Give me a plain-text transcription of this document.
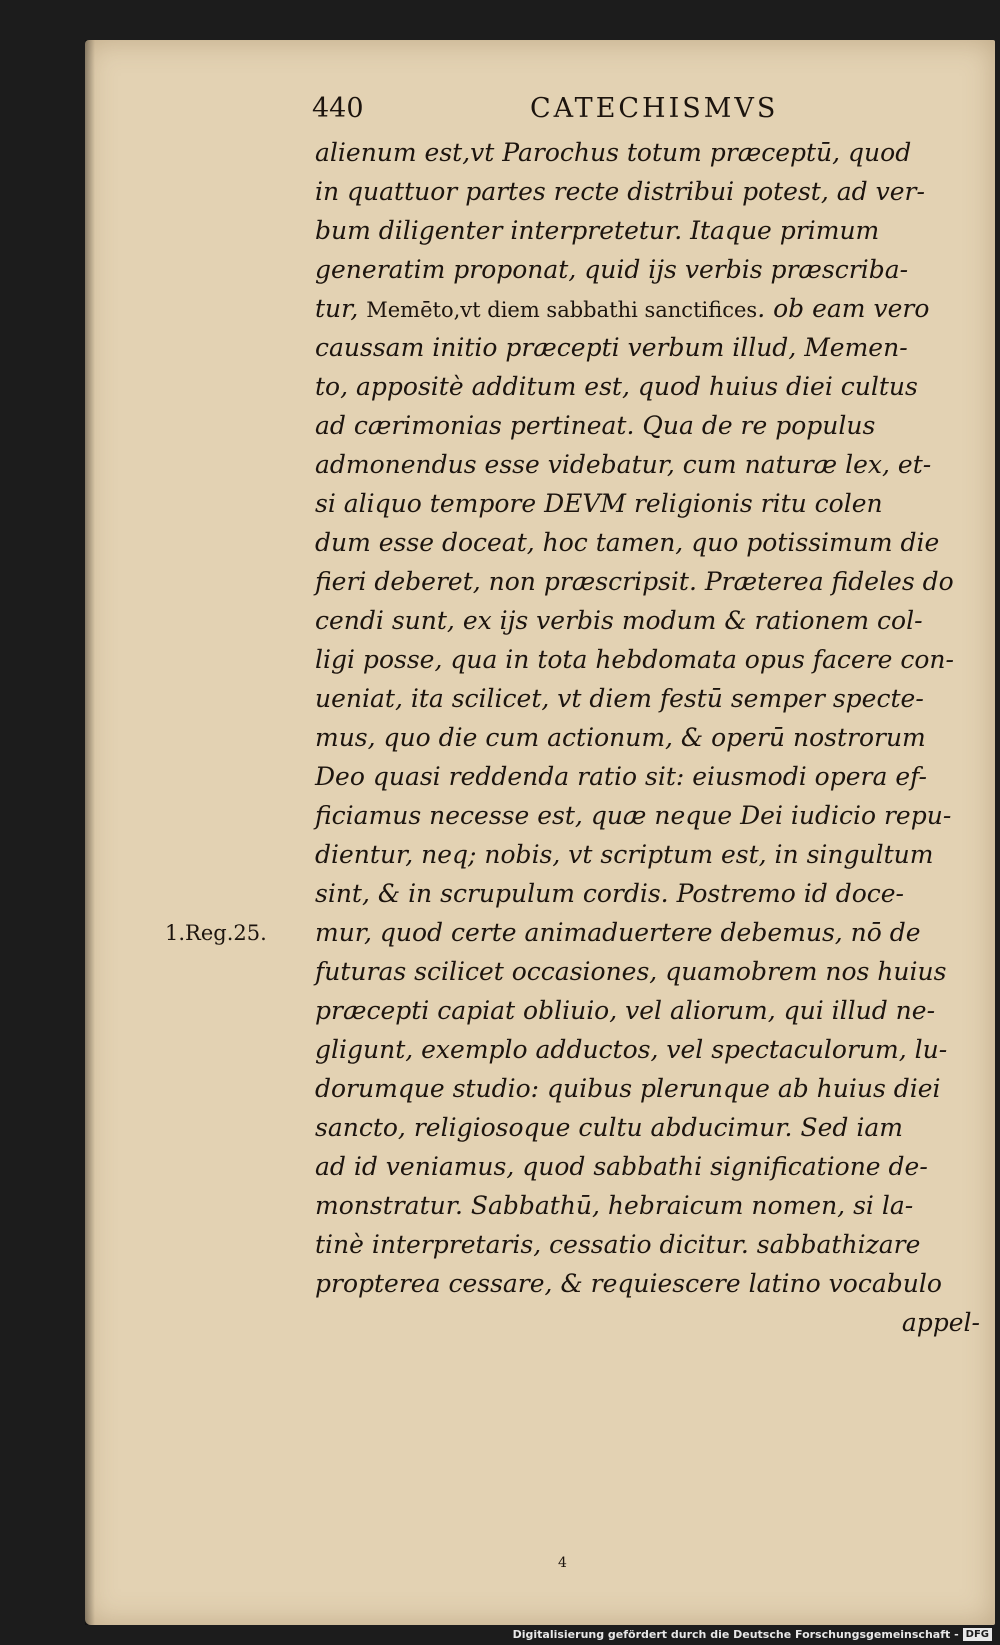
440	CATECHISMVS
alienum est,vt Parochus totum præceptū, quod
in quattuor partes recte distribui potest, ad ver-
bum diligenter interpretetur. Itaque primum
generatim proponat, quid ijs verbis præscriba-
tur, Memēto,vt diem sabbathi sanctifices. ob eam vero
caussam initio præcepti verbum illud, Memen-
to, appositè additum est, quod huius diei cultus
ad cærimonias pertineat. Qua de re populus
admonendus esse videbatur, cum naturæ lex, et-
si aliquo tempore DEVM religionis ritu colen
dum esse doceat, hoc tamen, quo potissimum die
fieri deberet, non præscripsit. Præterea fideles do
cendi sunt, ex ijs verbis modum & rationem col-
ligi posse, qua in tota hebdomata opus facere con-
ueniat, ita scilicet, vt diem festū semper specte-
mus, quo die cum actionum, & operū nostrorum
Deo quasi reddenda ratio sit: eiusmodi opera ef-
ficiamus necesse est, quæ neque Dei iudicio repu-
dientur, neq; nobis, vt scriptum est, in singultum
sint, & in scrupulum cordis. Postremo id doce-
mur, quod certe animaduertere debemus, nō de
futuras scilicet occasiones, quamobrem nos huius
præcepti capiat obliuio, vel aliorum, qui illud ne-
gligunt, exemplo adductos, vel spectaculorum, lu-
dorumque studio: quibus plerunque ab huius diei
sancto, religiosoque cultu abducimur. Sed iam
ad id veniamus, quod sabbathi significatione de-
monstratur. Sabbathū, hebraicum nomen, si la-
tinè interpretaris, cessatio dicitur. sabbathizare
propterea cessare, & requiescere latino vocabulo
appel-
1.Reg.25.
4
Digitalisierung gefördert durch die Deutsche Forschungsgemeinschaft - DFG
